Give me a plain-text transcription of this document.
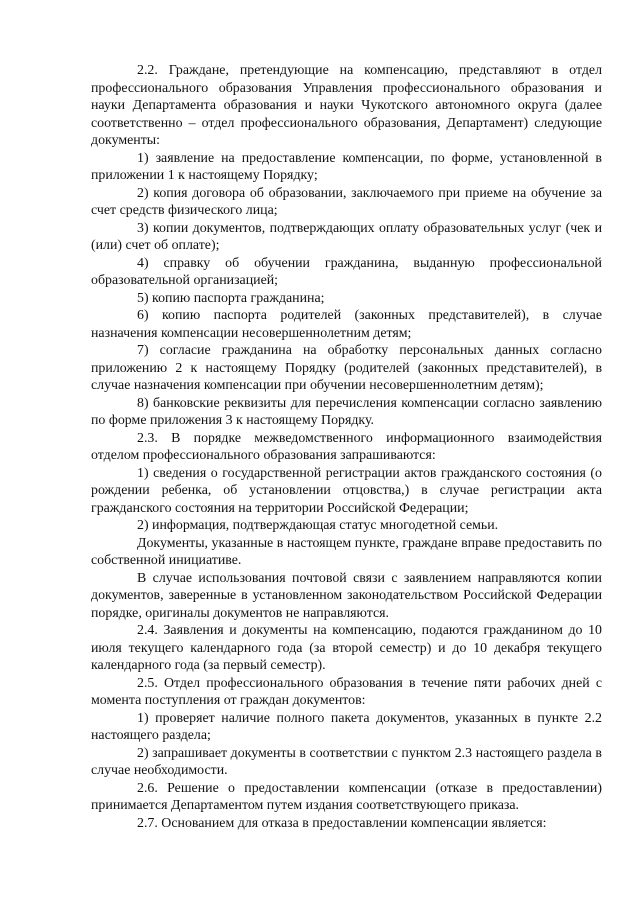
2.2. Граждане, претендующие на компенсацию, представляют в отдел профессионального образования Управления профессионального образования и науки Департамента образования и науки Чукотского автономного округа (далее соответственно – отдел профессионального образования, Департамент) следующие документы:

1) заявление на предоставление компенсации, по форме, установленной в приложении 1 к настоящему Порядку;

2) копия договора об образовании, заключаемого при приеме на обучение за счет средств физического лица;

3) копии документов, подтверждающих оплату образовательных услуг (чек и (или) счет об оплате);

4) справку об обучении гражданина, выданную профессиональной образовательной организацией;

5) копию паспорта гражданина;

6) копию паспорта родителей (законных представителей), в случае назначения компенсации несовершеннолетним детям;

7) согласие гражданина на обработку персональных данных согласно приложению 2 к настоящему Порядку (родителей (законных представителей), в случае назначения компенсации при обучении несовершеннолетним детям);

8) банковские реквизиты для перечисления компенсации согласно заявлению по форме приложения 3 к настоящему Порядку.

2.3. В порядке межведомственного информационного взаимодействия отделом профессионального образования запрашиваются:

1) сведения о государственной регистрации актов гражданского состояния (о рождении ребенка, об установлении отцовства,) в случае регистрации акта гражданского состояния на территории Российской Федерации;

2) информация, подтверждающая статус многодетной семьи.

Документы, указанные в настоящем пункте, граждане вправе предоставить по собственной инициативе.

В случае использования почтовой связи с заявлением направляются копии документов, заверенные в установленном законодательством Российской Федерации порядке, оригиналы документов не направляются.

2.4. Заявления и документы на компенсацию, подаются гражданином до 10 июля текущего календарного года (за второй семестр) и до 10 декабря текущего календарного года (за первый семестр).

2.5. Отдел профессионального образования в течение пяти рабочих дней с момента поступления от граждан документов:

1) проверяет наличие полного пакета документов, указанных в пункте 2.2 настоящего раздела;

2) запрашивает документы в соответствии с пунктом 2.3 настоящего раздела в случае необходимости.

2.6. Решение о предоставлении компенсации (отказе в предоставлении) принимается Департаментом путем издания соответствующего приказа.

2.7. Основанием для отказа в предоставлении компенсации является:
